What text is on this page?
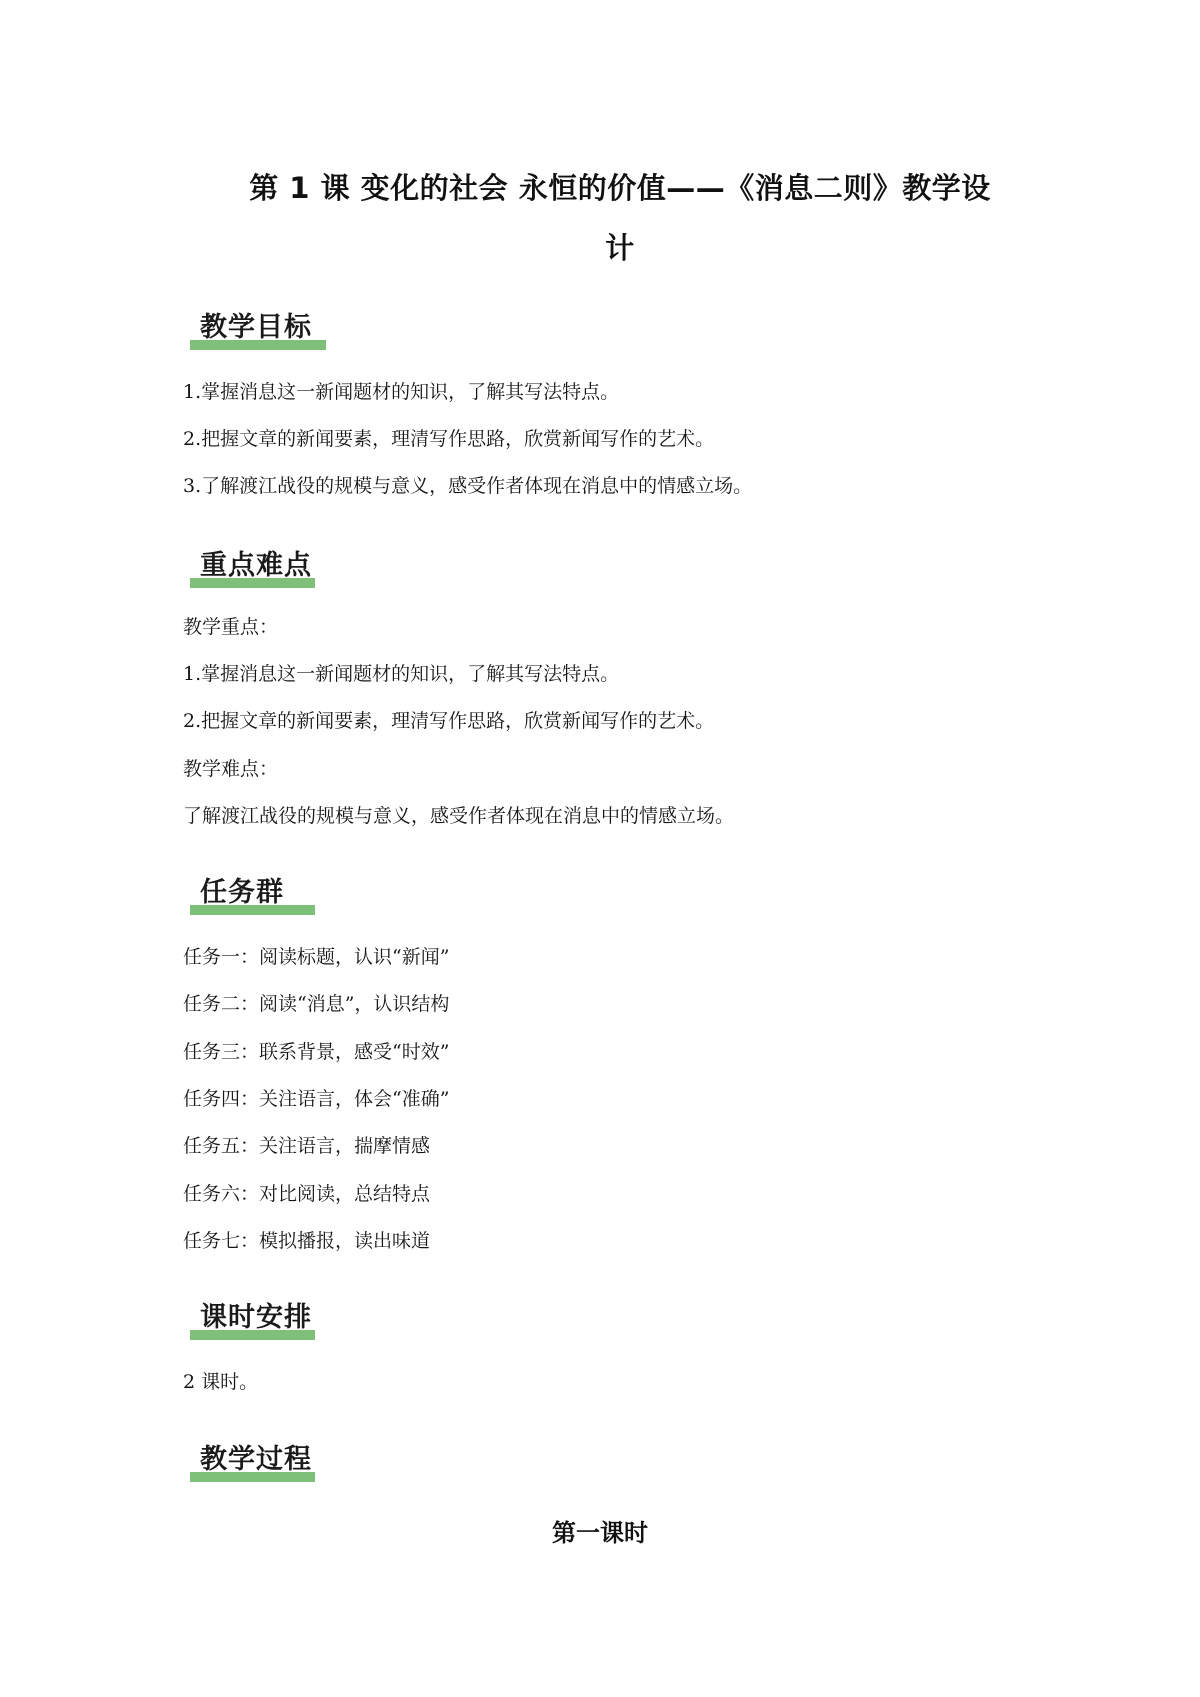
第 1 课 变化的社会 永恒的价值——《消息二则》教学设
计
教学目标
1.掌握消息这一新闻题材的知识，了解其写法特点。
2.把握文章的新闻要素，理清写作思路，欣赏新闻写作的艺术。
3.了解渡江战役的规模与意义，感受作者体现在消息中的情感立场。
重点难点
教学重点：
1.掌握消息这一新闻题材的知识，了解其写法特点。
2.把握文章的新闻要素，理清写作思路，欣赏新闻写作的艺术。
教学难点：
了解渡江战役的规模与意义，感受作者体现在消息中的情感立场。
任务群
任务一：阅读标题，认识“新闻”
任务二：阅读“消息”，认识结构
任务三：联系背景，感受“时效”
任务四：关注语言，体会“准确”
任务五：关注语言，揣摩情感
任务六：对比阅读，总结特点
任务七：模拟播报，读出味道
课时安排
2 课时。
教学过程
第一课时
